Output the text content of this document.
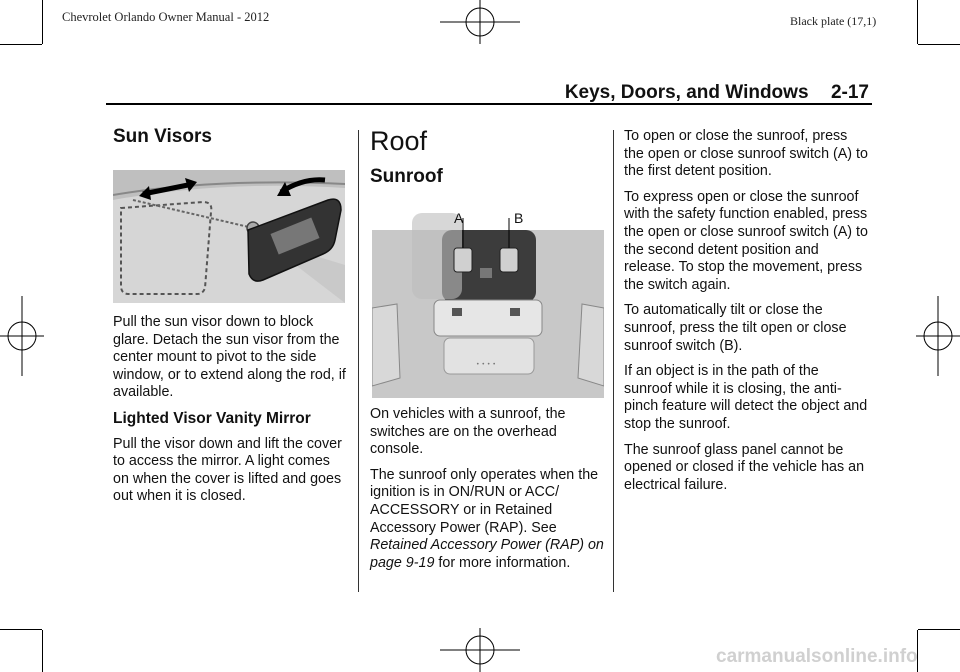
Chevrolet Orlando Owner Manual - 2012	Black plate (17,1)
Keys, Doors, and Windows 2-17
Sun Visors

Pull the sun visor down to block glare. Detach the sun visor from the center mount to pivot to the side window, or to extend along the rod, if available.

Lighted Visor Vanity Mirror

Pull the visor down and lift the cover to access the mirror. A light comes on when the cover is lifted and goes out when it is closed.

Roof
Sunroof
• • • •
A	B

On vehicles with a sunroof, the switches are on the overhead console.

The sunroof only operates when the ignition is in ON/RUN or ACC/ ACCESSORY or in Retained Accessory Power (RAP). See Retained Accessory Power (RAP) on page 9-19 for more information.

To open or close the sunroof, press the open or close sunroof switch (A) to the first detent position.

To express open or close the sunroof with the safety function enabled, press the open or close sunroof switch (A) to the second detent position and release. To stop the movement, press the switch again.

To automatically tilt or close the sunroof, press the tilt open or close sunroof switch (B).

If an object is in the path of the sunroof while it is closing, the anti-pinch feature will detect the object and stop the sunroof.

The sunroof glass panel cannot be opened or closed if the vehicle has an electrical failure.

carmanualsonline.info
